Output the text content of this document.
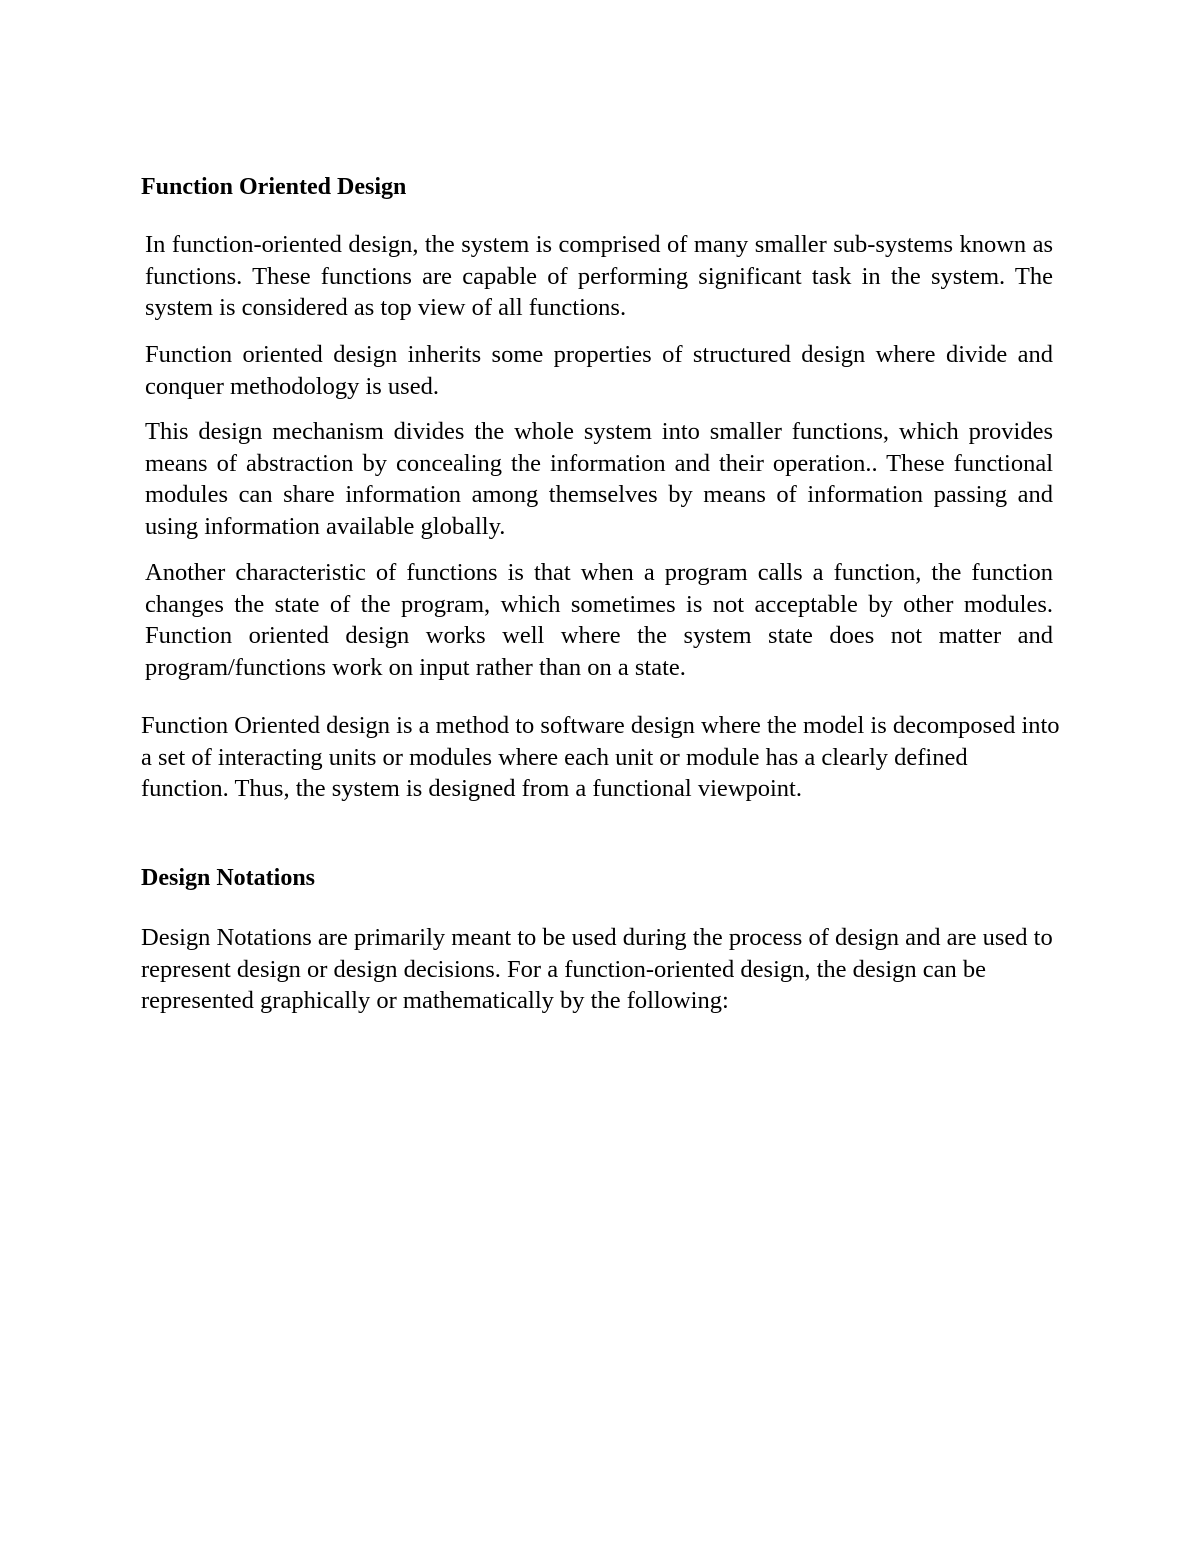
Function Oriented Design

In function-oriented design, the system is comprised of many smaller sub-systems known as functions. These functions are capable of performing significant task in the system. The system is considered as top view of all functions.

Function oriented design inherits some properties of structured design where divide and conquer methodology is used.

This design mechanism divides the whole system into smaller functions, which provides means of abstraction by concealing the information and their operation.. These functional modules can share information among themselves by means of information passing and using information available globally.

Another characteristic of functions is that when a program calls a function, the function changes the state of the program, which sometimes is not acceptable by other modules. Function oriented design works well where the system state does not matter and program/functions work on input rather than on a state.

Function Oriented design is a method to software design where the model is decomposed into a set of interacting units or modules where each unit or module has a clearly defined function. Thus, the system is designed from a functional viewpoint.

Design Notations

Design Notations are primarily meant to be used during the process of design and are used to represent design or design decisions. For a function-oriented design, the design can be represented graphically or mathematically by the following:
